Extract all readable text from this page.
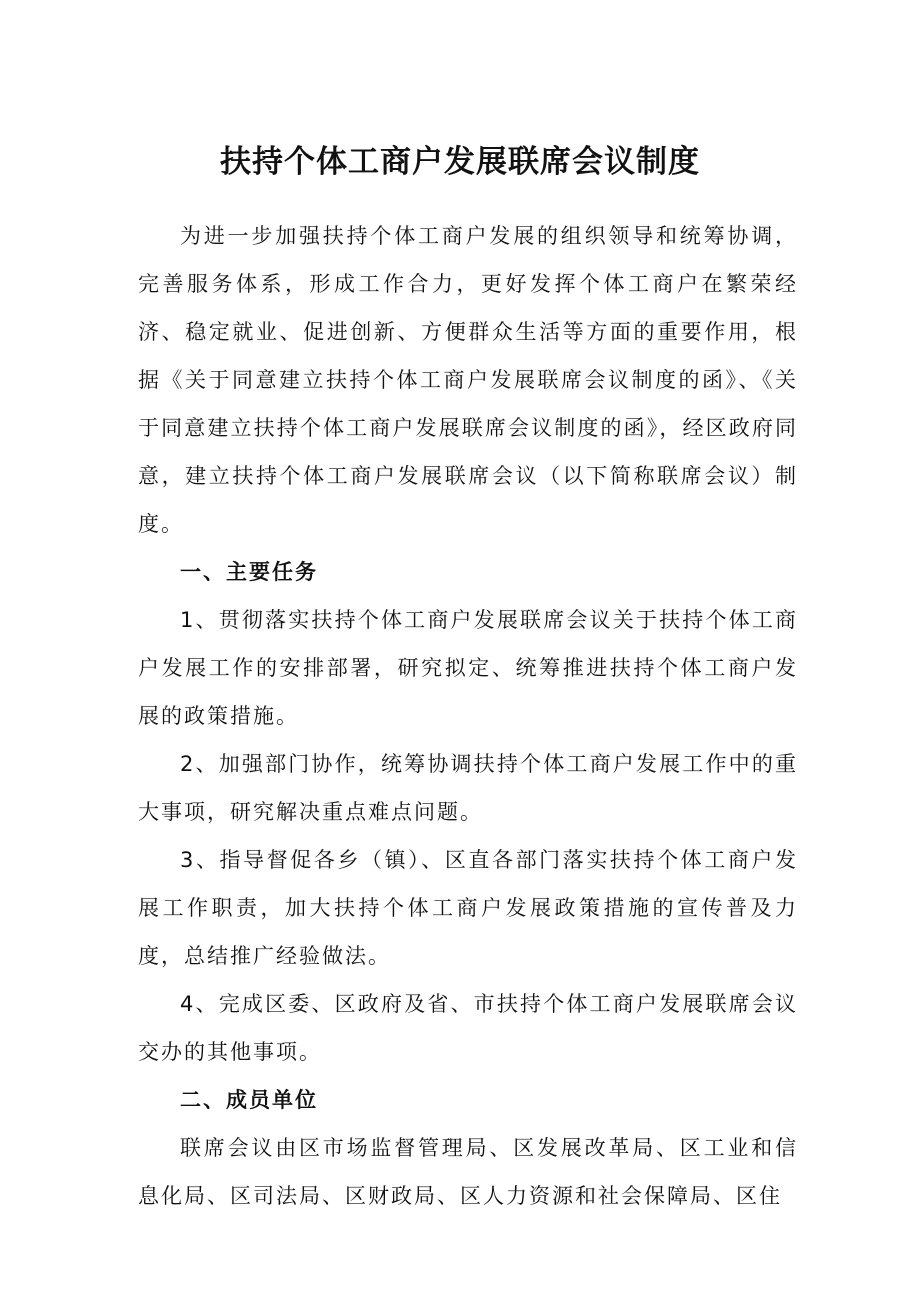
扶持个体工商户发展联席会议制度

为进一步加强扶持个体工商户发展的组织领导和统筹协调，完善服务体系，形成工作合力，更好发挥个体工商户在繁荣经济、稳定就业、促进创新、方便群众生活等方面的重要作用，根据《关于同意建立扶持个体工商户发展联席会议制度的函》、《关于同意建立扶持个体工商户发展联席会议制度的函》，经区政府同意，建立扶持个体工商户发展联席会议（以下简称联席会议）制度。

一、主要任务

1、贯彻落实扶持个体工商户发展联席会议关于扶持个体工商户发展工作的安排部署，研究拟定、统筹推进扶持个体工商户发展的政策措施。

2、加强部门协作，统筹协调扶持个体工商户发展工作中的重大事项，研究解决重点难点问题。

3、指导督促各乡（镇）、区直各部门落实扶持个体工商户发展工作职责，加大扶持个体工商户发展政策措施的宣传普及力度，总结推广经验做法。

4、完成区委、区政府及省、市扶持个体工商户发展联席会议交办的其他事项。

二、成员单位

联席会议由区市场监督管理局、区发展改革局、区工业和信息化局、区司法局、区财政局、区人力资源和社会保障局、区住
